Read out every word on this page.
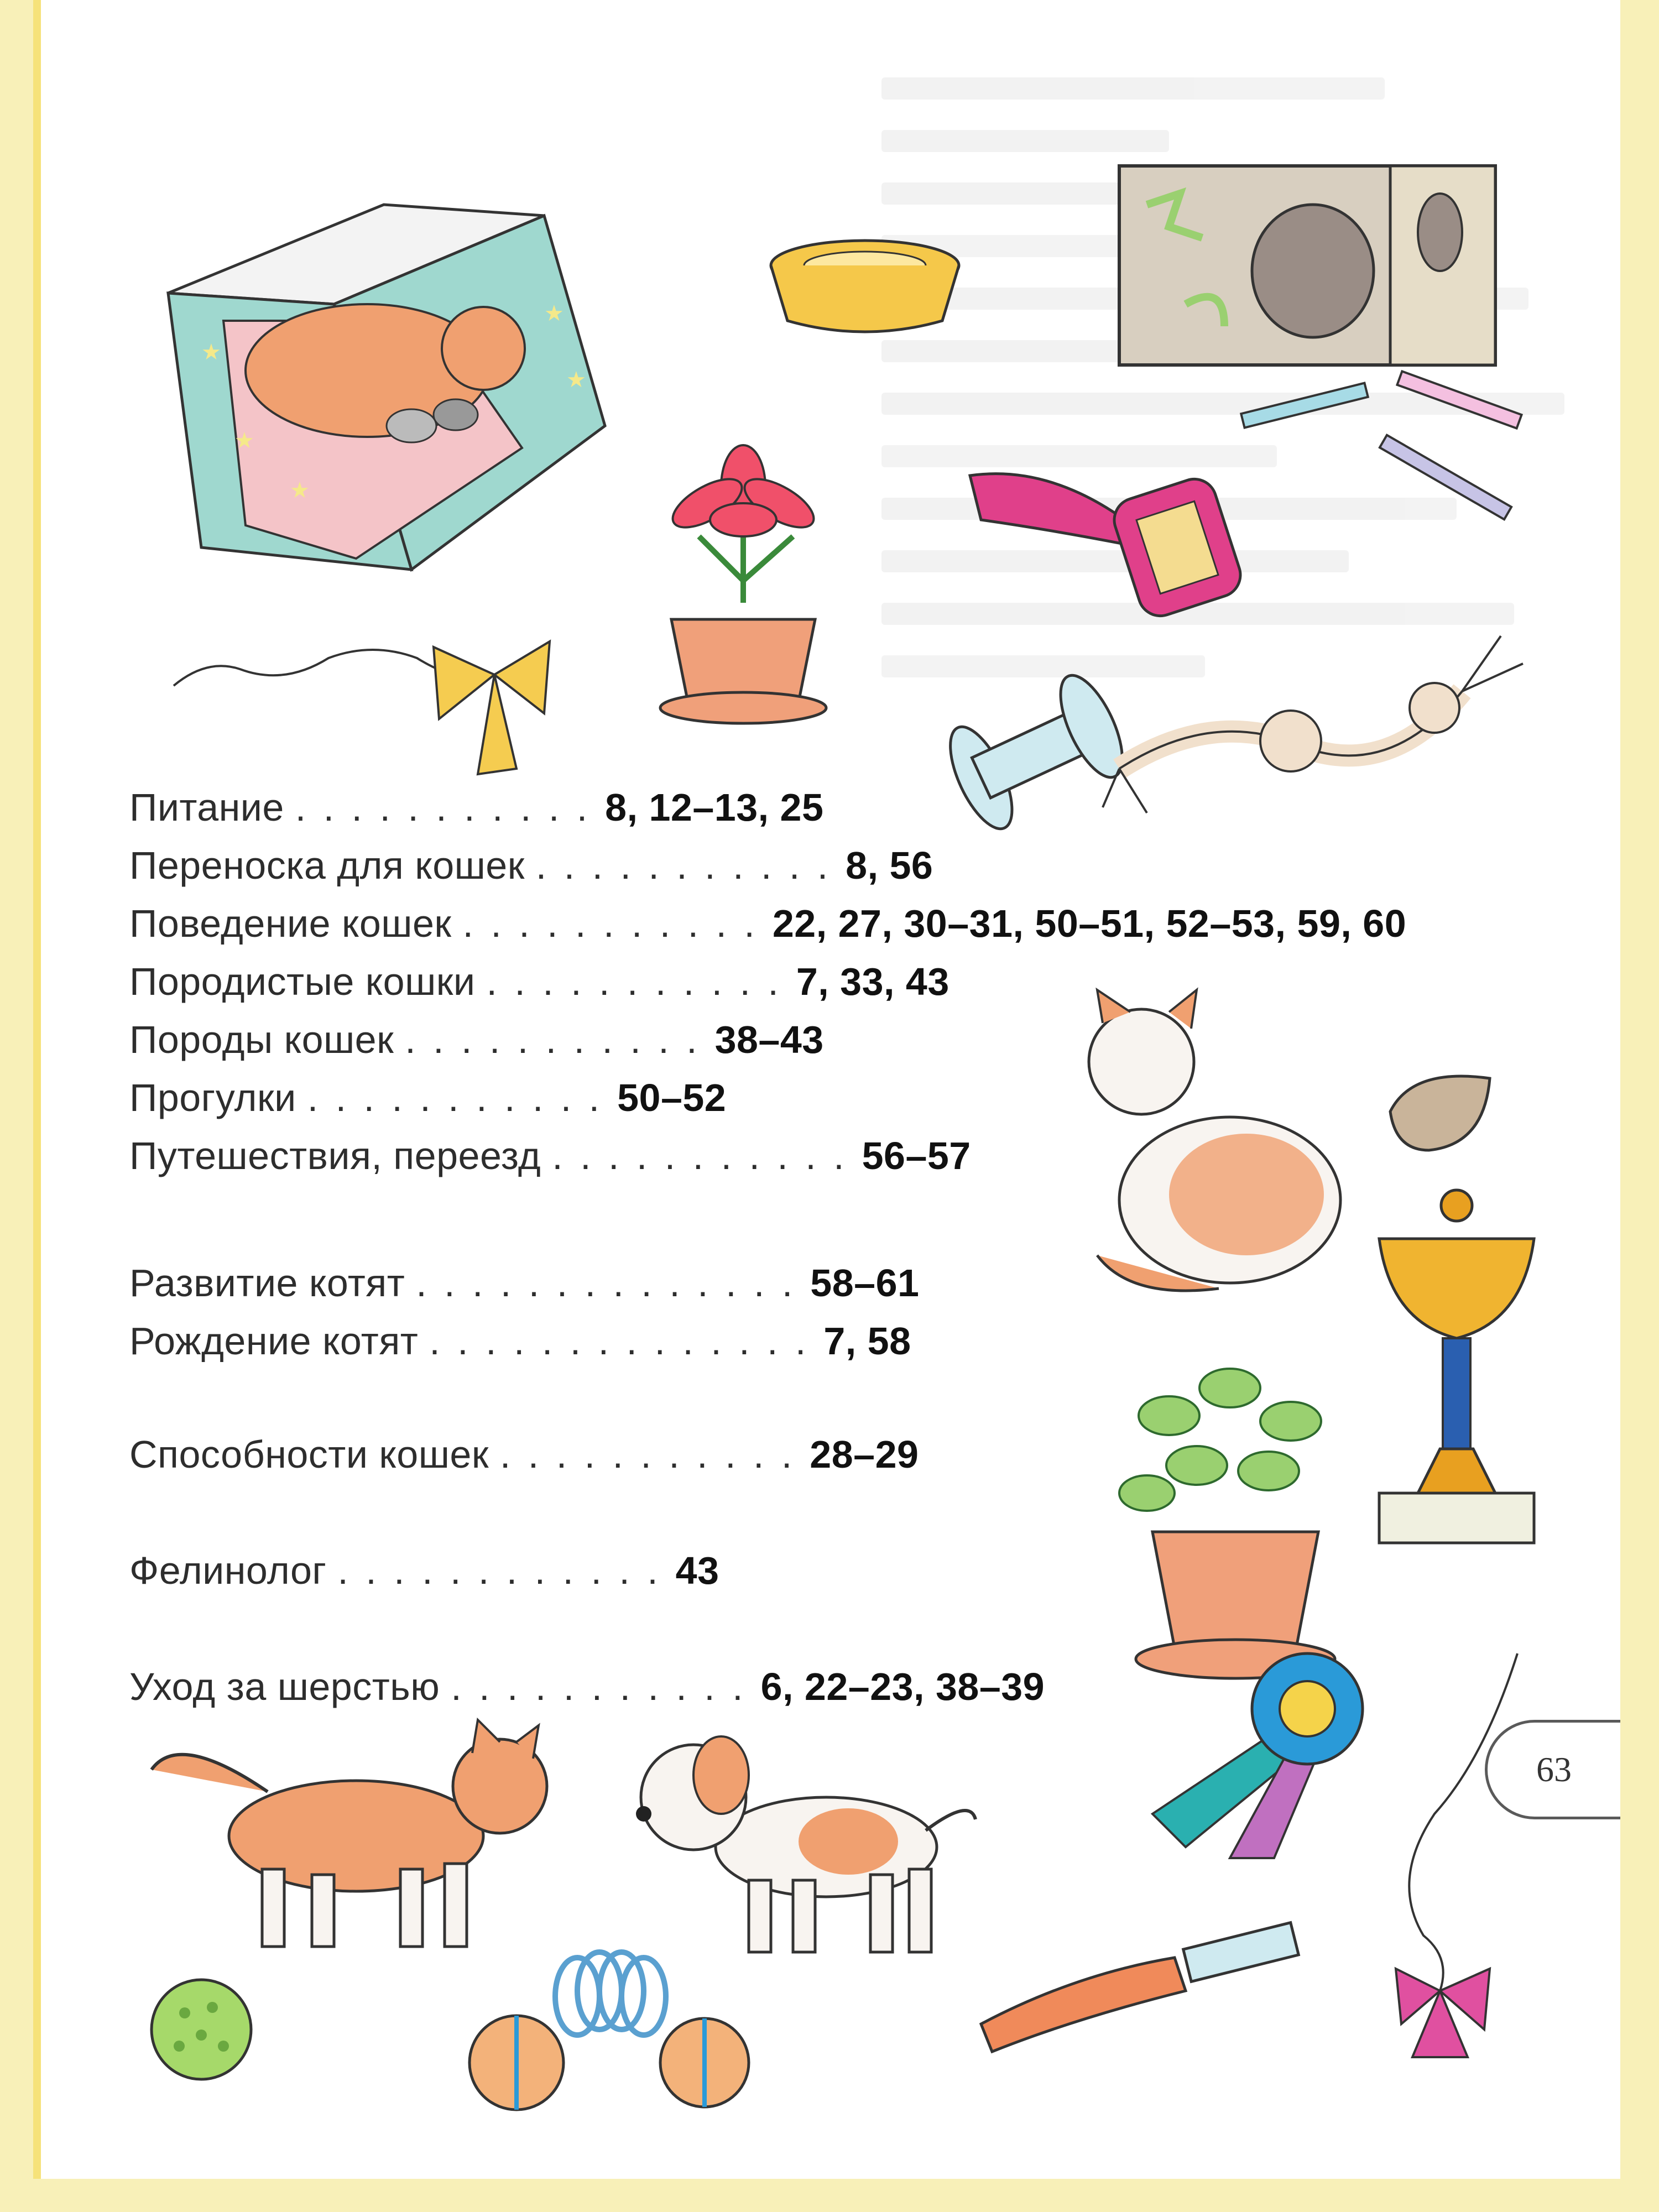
★
★
★
★
★
Питание . . . . . . . . . . . 8, 12–13, 25
Переноска для кошек . . . . . . . . . . . 8, 56
Поведение кошек . . . . . . . . . . . 22, 27, 30–31, 50–51, 52–53, 59, 60
Породистые кошки . . . . . . . . . . . 7, 33, 43
Породы кошек . . . . . . . . . . . 38–43
Прогулки . . . . . . . . . . . 50–52
Путешествия, переезд . . . . . . . . . . . 56–57
Развитие котят . . . . . . . . . . . . . . 58–61
Рождение котят . . . . . . . . . . . . . . 7, 58
Способности кошек . . . . . . . . . . . 28–29
Фелинолог . . . . . . . . . . . . 43
Уход за шерстью . . . . . . . . . . . 6, 22–23, 38–39
63
